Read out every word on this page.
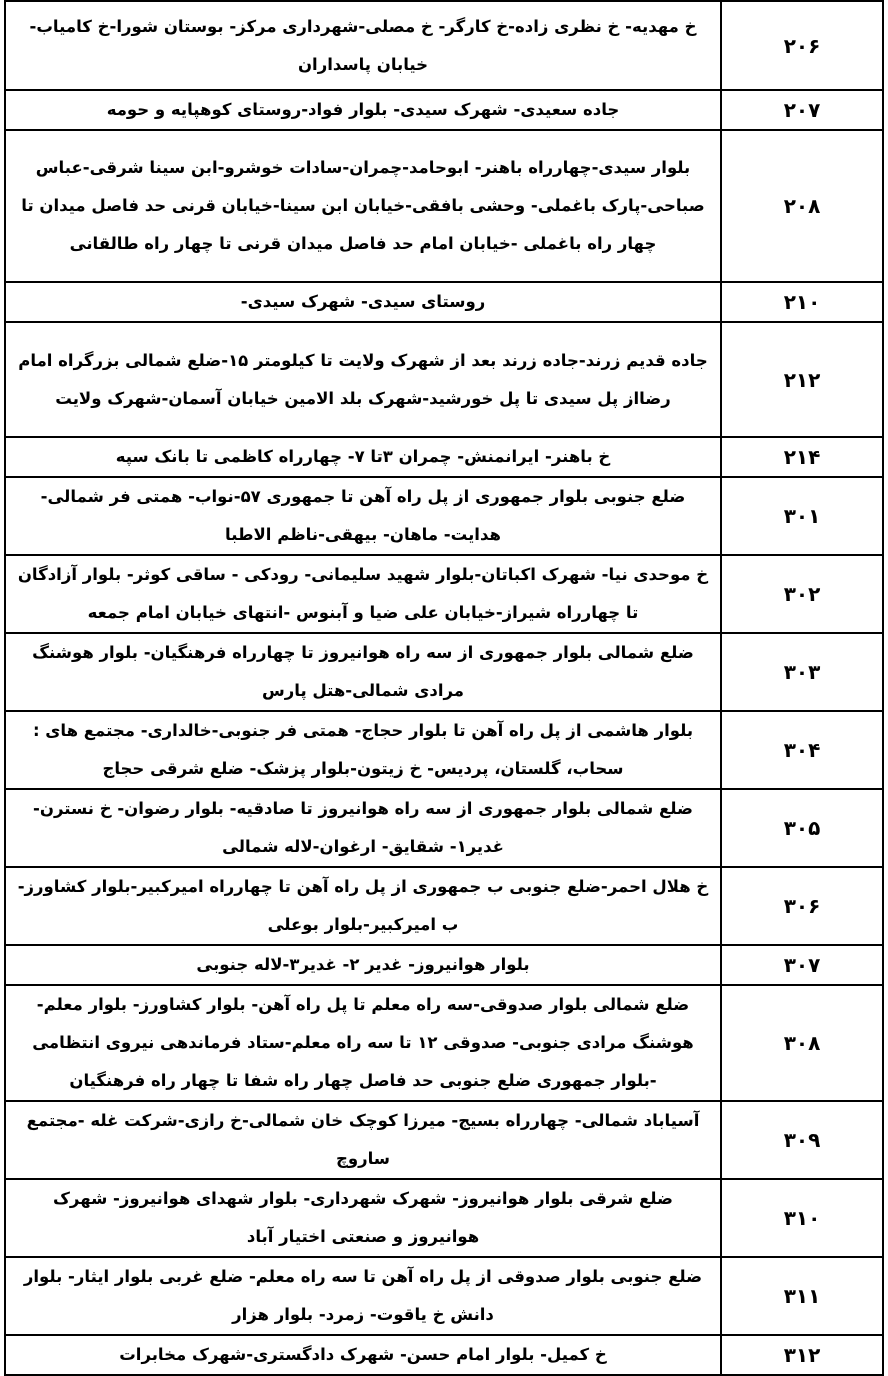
۲۰۶	خ مهدیه- خ نظری زاده-خ کارگر- خ مصلی-شهرداری مرکز- بوستان شورا-خ کامیاب- خیابان پاسداران
۲۰۷	جاده سعیدی- شهرک سیدی- بلوار فواد-روستای کوهپایه و حومه
۲۰۸	بلوار سیدی-چهارراه باهنر- ابوحامد-چمران-سادات خوشرو-ابن سینا شرقی-عباس صباحی-پارک باغملی- وحشی بافقی-خیابان ابن سینا-خیابان قرنی حد فاصل میدان تا چهار راه باغملی -خیابان امام حد فاصل میدان قرنی تا چهار راه طالقانی
۲۱۰	روستای سیدی- شهرک سیدی-
۲۱۲	جاده قدیم زرند-جاده زرند بعد از شهرک ولایت تا کیلومتر ۱۵-ضلع شمالی بزرگراه امام رضااز پل سیدی تا پل خورشید-شهرک بلد الامین خیابان آسمان-شهرک ولایت
۲۱۴	خ باهنر- ایرانمنش- چمران ۳تا ۷- چهارراه کاظمی تا بانک سپه
۳۰۱	ضلع جنوبی بلوار جمهوری از پل راه آهن تا جمهوری ۵۷-نواب- همتی فر شمالی-هدایت- ماهان- بیهقی-ناظم الاطبا
۳۰۲	خ موحدی نیا- شهرک اکباتان-بلوار شهید سلیمانی- رودکی - ساقی کوثر- بلوار آزادگان تا چهارراه شیراز-خیابان علی ضیا و آبنوس -انتهای خیابان امام جمعه
۳۰۳	ضلع شمالی بلوار جمهوری از سه راه هوانیروز تا چهارراه فرهنگیان- بلوار هوشنگ مرادی شمالی-هتل پارس
۳۰۴	بلوار هاشمی از پل راه آهن تا بلوار حجاج- همتی فر جنوبی-خالداری- مجتمع های : سحاب، گلستان، پردیس- خ زیتون-بلوار پزشک- ضلع شرقی حجاج
۳۰۵	ضلع شمالی بلوار جمهوری از سه راه هوانیروز تا صادقیه- بلوار رضوان- خ نسترن- غدیر۱- شقایق- ارغوان-لاله شمالی
۳۰۶	خ هلال احمر-ضلع جنوبی ب جمهوری از پل راه آهن تا چهارراه امیرکبیر-بلوار کشاورز- ب امیرکبیر-بلوار بوعلی
۳۰۷	بلوار هوانیروز- غدیر ۲- غدیر۳-لاله جنوبی
۳۰۸	ضلع شمالی بلوار صدوقی-سه راه معلم تا پل راه آهن- بلوار کشاورز- بلوار معلم-هوشنگ مرادی جنوبی- صدوقی ۱۲ تا سه راه معلم-ستاد فرماندهی نیروی انتظامی -بلوار جمهوری ضلع جنوبی حد فاصل چهار راه شفا تا چهار راه فرهنگیان
۳۰۹	آسیاباد شمالی- چهارراه بسیج- میرزا کوچک خان شمالی-خ رازی-شرکت غله -مجتمع ساروچ
۳۱۰	ضلع شرقی بلوار هوانیروز- شهرک شهرداری- بلوار شهدای هوانیروز- شهرک هوانیروز و صنعتی اختیار آباد
۳۱۱	ضلع جنوبی بلوار صدوقی از پل راه آهن تا سه راه معلم- ضلع غربی بلوار ایثار- بلوار دانش خ یاقوت- زمرد- بلوار هزار
۳۱۲	خ کمیل- بلوار امام حسن- شهرک دادگستری-شهرک مخابرات
